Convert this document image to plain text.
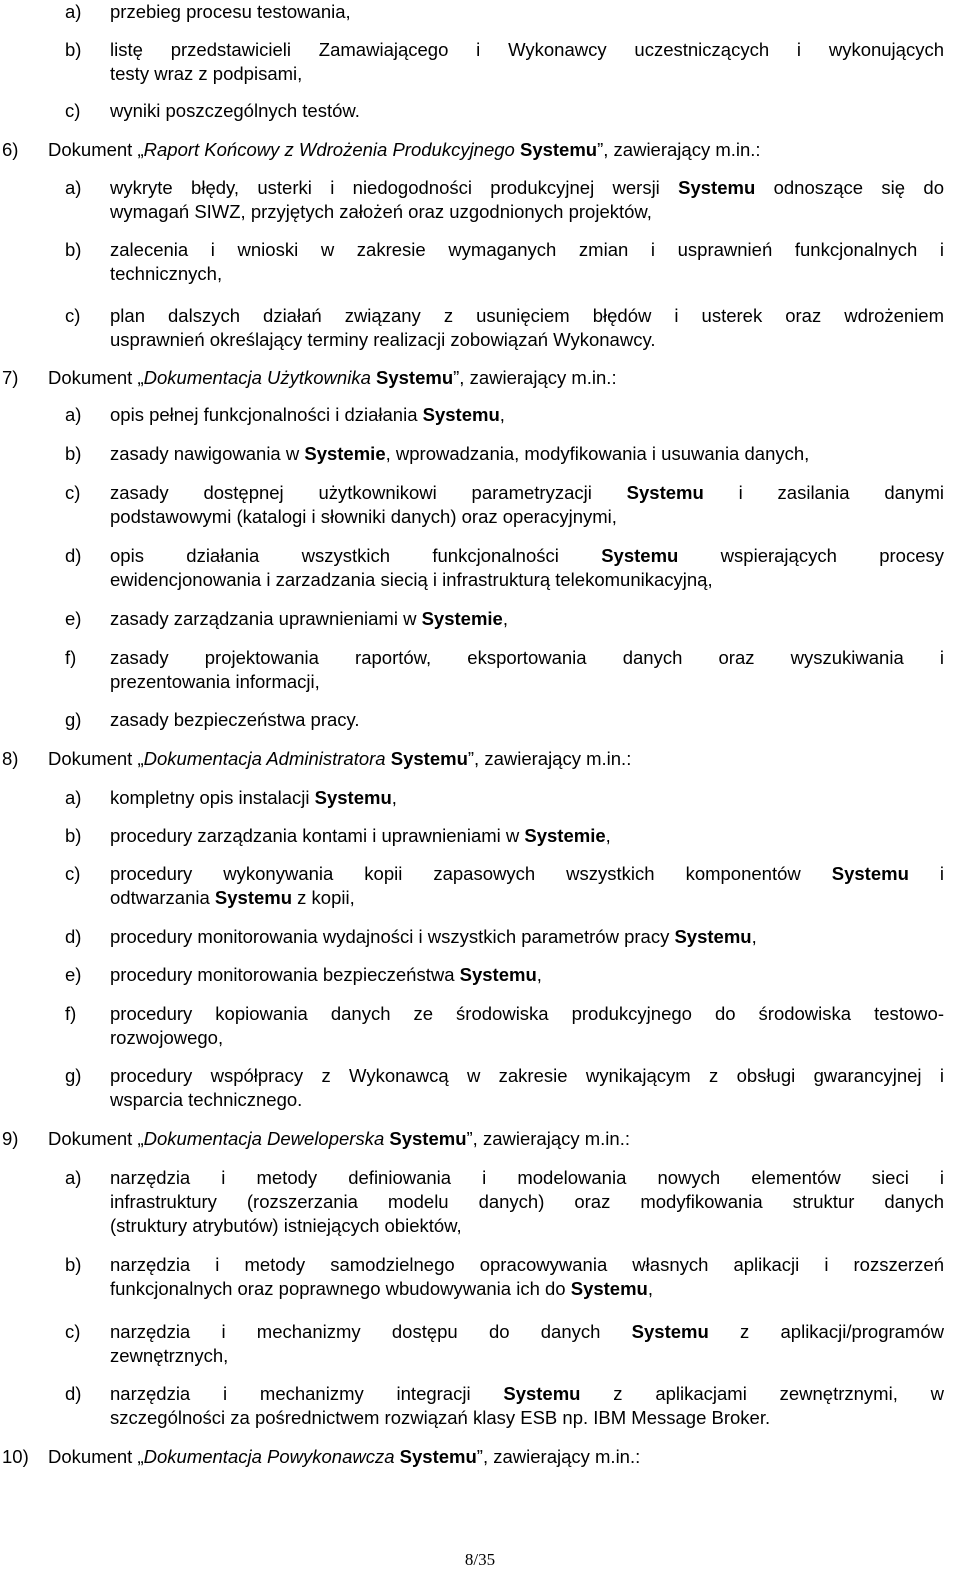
a) przebieg procesu testowania,
b) listę przedstawicieli Zamawiającego i Wykonawcy uczestniczących i wykonujących
testy wraz z podpisami,
c) wyniki poszczególnych testów.
6) Dokument „Raport Końcowy z Wdrożenia Produkcyjnego Systemu”, zawierający m.in.:
a) wykryte błędy, usterki i niedogodności produkcyjnej wersji Systemu odnoszące się do
wymagań SIWZ, przyjętych założeń oraz uzgodnionych projektów,
b) zalecenia i wnioski w zakresie wymaganych zmian i usprawnień funkcjonalnych i
technicznych,
c) plan dalszych działań związany z usunięciem błędów i usterek oraz wdrożeniem
usprawnień określający terminy realizacji zobowiązań Wykonawcy.
7) Dokument „Dokumentacja Użytkownika Systemu”, zawierający m.in.:
a) opis pełnej funkcjonalności i działania Systemu,
b) zasady nawigowania w Systemie, wprowadzania, modyfikowania i usuwania danych,
c) zasady dostępnej użytkownikowi parametryzacji Systemu i zasilania danymi
podstawowymi (katalogi i słowniki danych) oraz operacyjnymi,
d) opis działania wszystkich funkcjonalności Systemu wspierających procesy
ewidencjonowania i zarzadzania siecią i infrastrukturą telekomunikacyjną,
e) zasady zarządzania uprawnieniami w Systemie,
f) zasady projektowania raportów, eksportowania danych oraz wyszukiwania i
prezentowania informacji,
g) zasady bezpieczeństwa pracy.
8) Dokument „Dokumentacja Administratora Systemu”, zawierający m.in.:
a) kompletny opis instalacji Systemu,
b) procedury zarządzania kontami i uprawnieniami w Systemie,
c) procedury wykonywania kopii zapasowych wszystkich komponentów Systemu i
odtwarzania Systemu z kopii,
d) procedury monitorowania wydajności i wszystkich parametrów pracy Systemu,
e) procedury monitorowania bezpieczeństwa Systemu,
f) procedury kopiowania danych ze środowiska produkcyjnego do środowiska testowo-
rozwojowego,
g) procedury współpracy z Wykonawcą w zakresie wynikającym z obsługi gwarancyjnej i
wsparcia technicznego.
9) Dokument „Dokumentacja Deweloperska Systemu”, zawierający m.in.:
a) narzędzia i metody definiowania i modelowania nowych elementów sieci i
infrastruktury (rozszerzania modelu danych) oraz modyfikowania struktur danych
(struktury atrybutów) istniejących obiektów,
b) narzędzia i metody samodzielnego opracowywania własnych aplikacji i rozszerzeń
funkcjonalnych oraz poprawnego wbudowywania ich do Systemu,
c) narzędzia i mechanizmy dostępu do danych Systemu z aplikacji/programów
zewnętrznych,
d) narzędzia i mechanizmy integracji Systemu z aplikacjami zewnętrznymi, w
szczególności za pośrednictwem rozwiązań klasy ESB np. IBM Message Broker.
10) Dokument „Dokumentacja Powykonawcza Systemu”, zawierający m.in.:
8/35
